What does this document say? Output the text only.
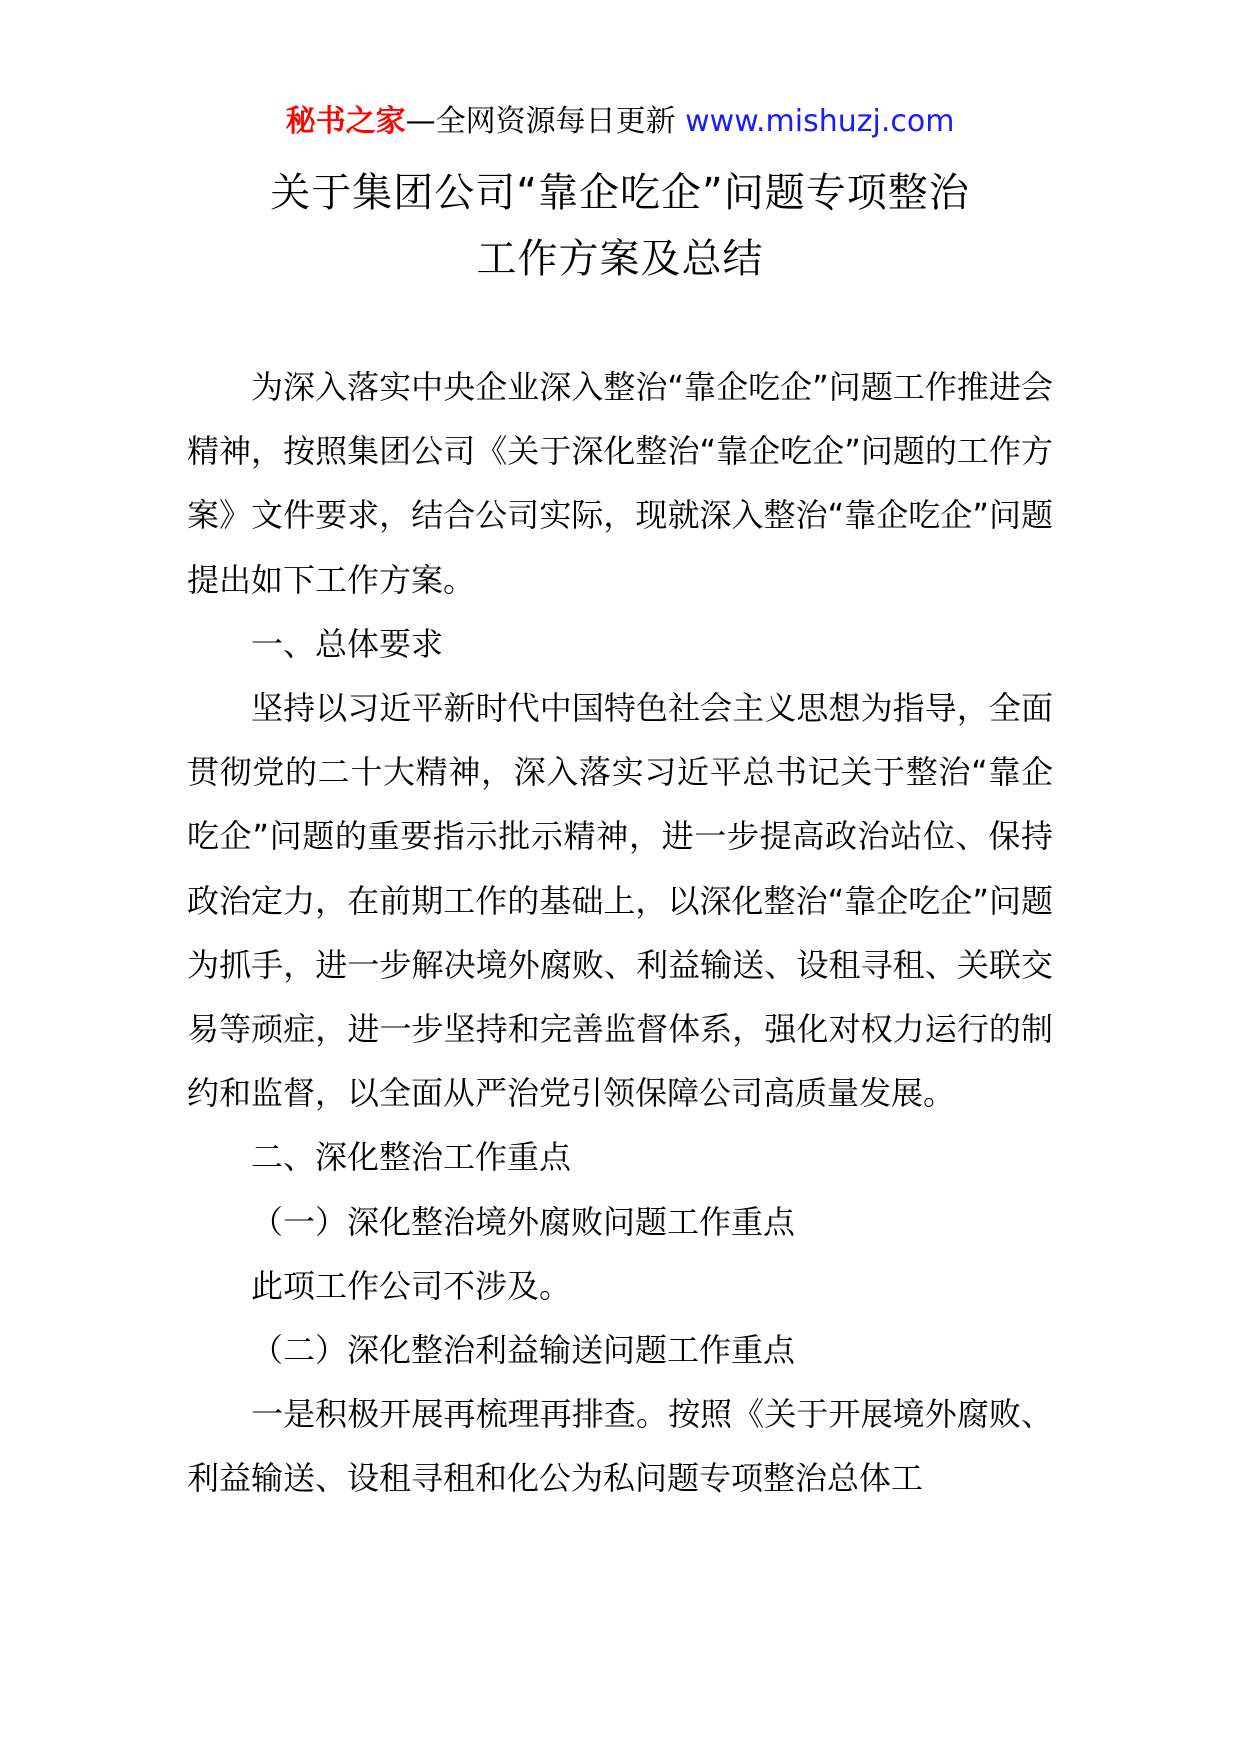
秘书之家—全网资源每日更新 www.mishuzj.com
关于集团公司“靠企吃企”问题专项整治
工作方案及总结

为深入落实中央企业深入整治“靠企吃企”问题工作推进会精神，按照集团公司《关于深化整治“靠企吃企”问题的工作方案》文件要求，结合公司实际，现就深入整治“靠企吃企”问题提出如下工作方案。

一、总体要求

坚持以习近平新时代中国特色社会主义思想为指导，全面贯彻党的二十大精神，深入落实习近平总书记关于整治“靠企吃企”问题的重要指示批示精神，进一步提高政治站位、保持政治定力，在前期工作的基础上，以深化整治“靠企吃企”问题为抓手，进一步解决境外腐败、利益输送、设租寻租、关联交易等顽症，进一步坚持和完善监督体系，强化对权力运行的制约和监督，以全面从严治党引领保障公司高质量发展。

二、深化整治工作重点

（一）深化整治境外腐败问题工作重点

此项工作公司不涉及。

（二）深化整治利益输送问题工作重点

一是积极开展再梳理再排查。按照《关于开展境外腐败、利益输送、设租寻租和化公为私问题专项整治总体工
